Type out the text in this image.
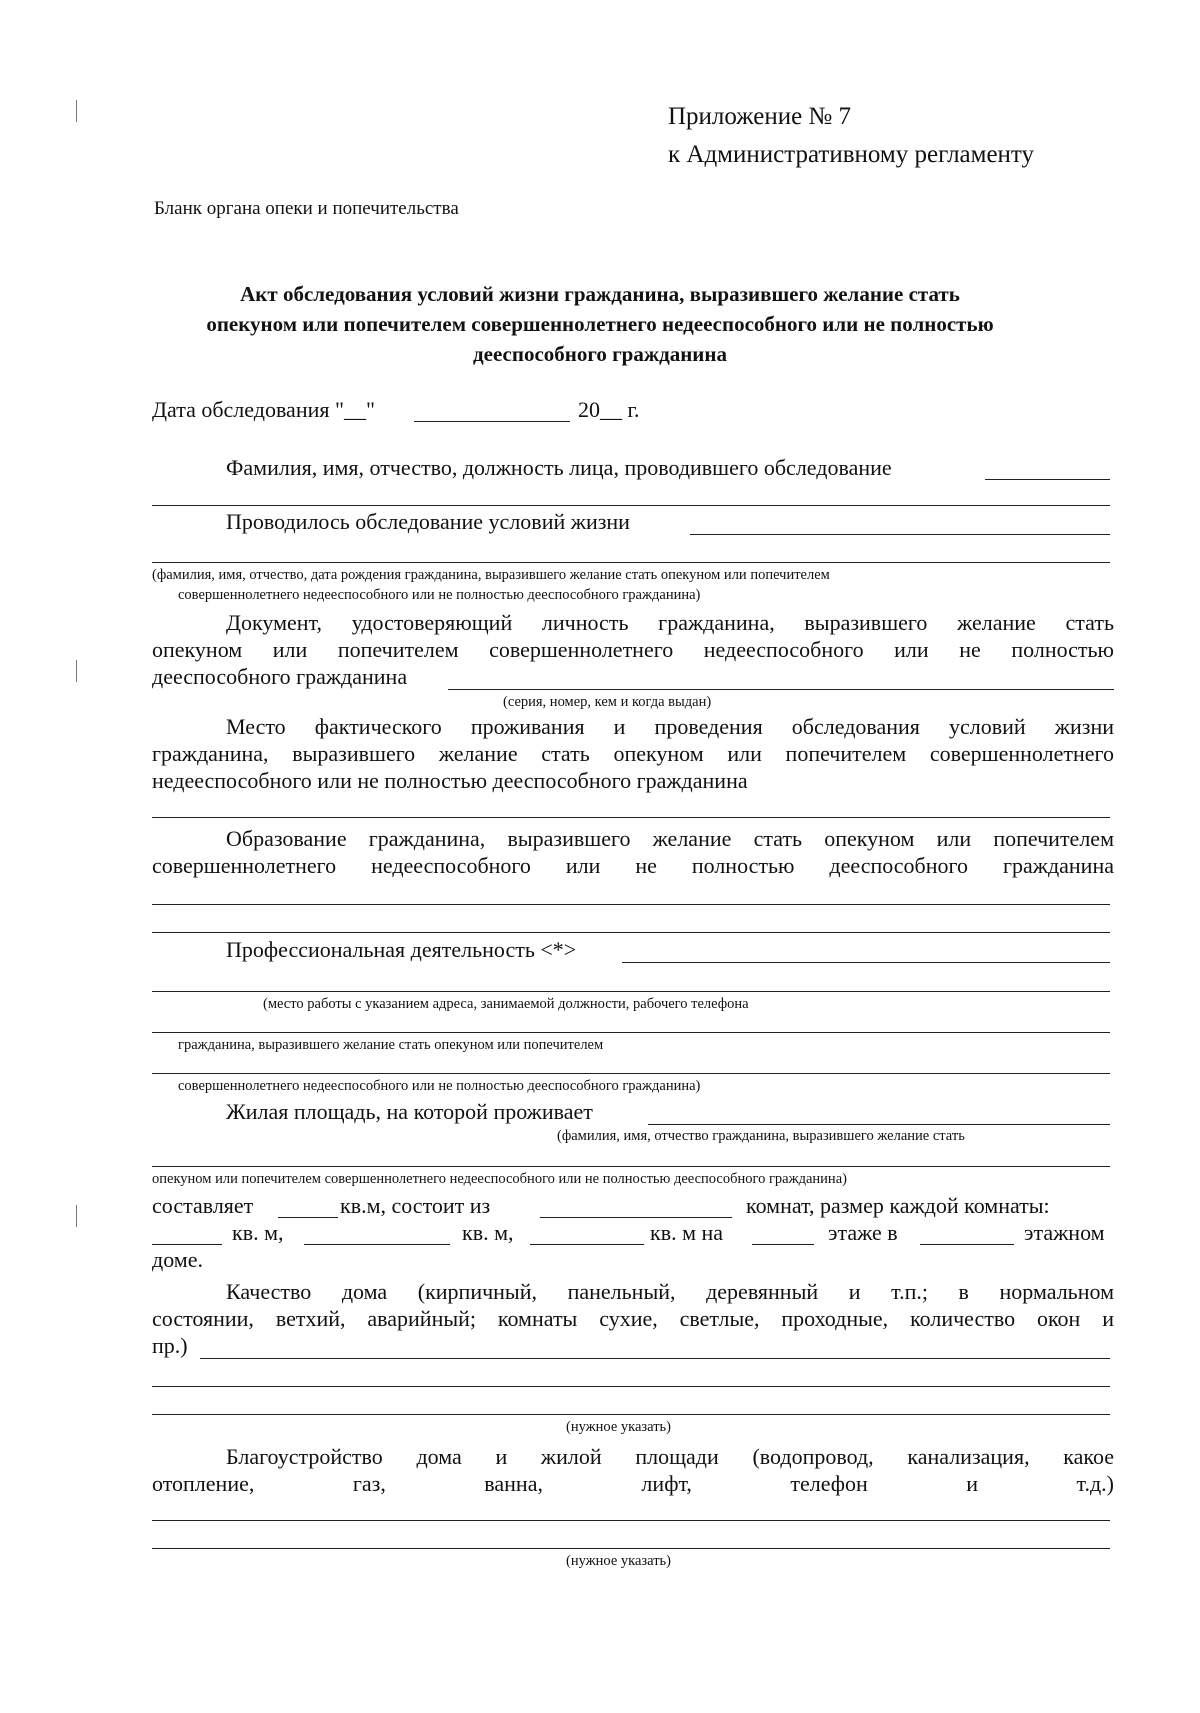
Приложение № 7
к Административному регламенту
Бланк органа опеки и попечительства
Акт обследования условий жизни гражданина, выразившего желание стать
опекуном или попечителем совершеннолетнего недееспособного или не полностью
дееспособного гражданина
Дата обследования "__"	20__ г.
Фамилия, имя, отчество, должность лица, проводившего обследование
Проводилось обследование условий жизни
(фамилия, имя, отчество, дата рождения гражданина, выразившего желание стать опекуном или попечителем
совершеннолетнего недееспособного или не полностью дееспособного гражданина)
Документ, удостоверяющий личность гражданина, выразившего желание стать
опекуном или попечителем совершеннолетнего недееспособного или не полностью
дееспособного гражданина
(серия, номер, кем и когда выдан)
Место фактического проживания и проведения обследования условий жизни
гражданина, выразившего желание стать опекуном или попечителем совершеннолетнего
недееспособного или не полностью дееспособного гражданина
Образование гражданина, выразившего желание стать опекуном или попечителем
совершеннолетнего недееспособного или не полностью дееспособного гражданина
Профессиональная деятельность <*>
(место работы с указанием адреса, занимаемой должности, рабочего телефона
гражданина, выразившего желание стать опекуном или попечителем
совершеннолетнего недееспособного или не полностью дееспособного гражданина)
Жилая площадь, на которой проживает
(фамилия, имя, отчество гражданина, выразившего желание стать
опекуном или попечителем совершеннолетнего недееспособного или не полностью дееспособного гражданина)
составляет	кв.м, состоит из	комнат, размер каждой комнаты:
кв. м,	кв. м,	кв. м на	этаже в	этажном
доме.
Качество дома (кирпичный, панельный, деревянный и т.п.; в нормальном
состоянии, ветхий, аварийный; комнаты сухие, светлые, проходные, количество окон и
пр.)
(нужное указать)
Благоустройство дома и жилой площади (водопровод, канализация, какое
отопление, газ, ванна, лифт, телефон и т.д.)
(нужное указать)
